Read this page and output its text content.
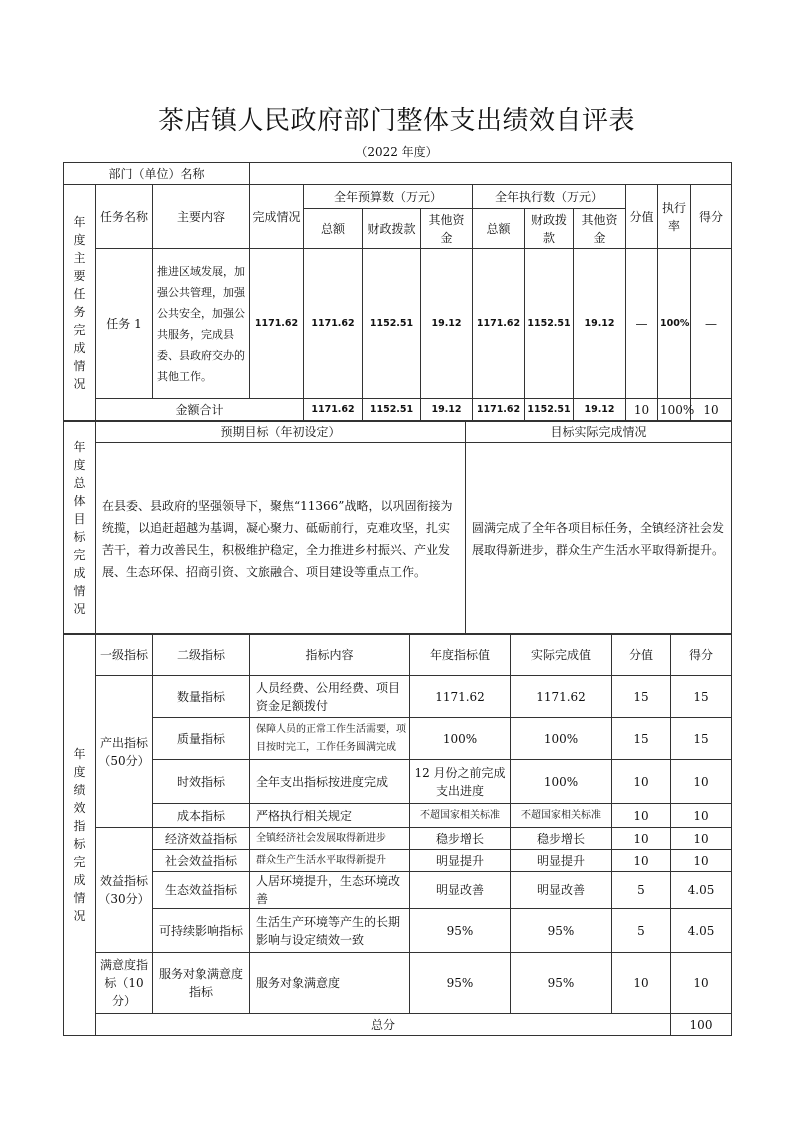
茶店镇人民政府部门整体支出绩效自评表
（2022 年度）
部门（单位）名称												

年度主要任务完成情况	任务名称	主要内容	完成情况	全年预算数（万元）			全年执行数（万元）			分值	执行率	得分
				总额	财政拨款	其他资金	总额	财政拨款	其他资金			
	任务 1	推进区域发展，加强公共管理，加强公共安全，加强公共服务，完成县委、县政府交办的其他工作。	1171.62	1171.62	1152.51	19.12	1171.62	1152.51	19.12	—	100%	—
	金额合计			1171.62	1152.51	19.12	1171.62	1152.51	19.12	10	100%	10
年度总体目标完成情况	预期目标（年初设定）	目标实际完成情况
	在县委、县政府的坚强领导下，聚焦“11366”战略，以巩固衔接为统揽，以追赶超越为基调，凝心聚力、砥砺前行，克难攻坚，扎实苦干，着力改善民生，积极维护稳定，全力推进乡村振兴、产业发展、生态环保、招商引资、文旅融合、项目建设等重点工作。	圆满完成了全年各项目标任务，全镇经济社会发展取得新进步，群众生产生活水平取得新提升。
年度绩效指标完成情况	一级指标	二级指标	指标内容	年度指标值	实际完成值	分值	得分	
	产出指标（50分）	数量指标	人员经费、公用经费、项目资金足额拨付	1171.62	1171.62	15	15	
		质量指标	保障人员的正常工作生活需要，项目按时完工，工作任务圆满完成	100%	100%	15	15	
		时效指标	全年支出指标按进度完成	12 月份之前完成支出进度	100%	10	10	
		成本指标	严格执行相关规定	不超国家相关标准	不超国家相关标准	10	10	
	效益指标（30分）	经济效益指标	全镇经济社会发展取得新进步	稳步增长	稳步增长	10	10	
		社会效益指标	群众生产生活水平取得新提升	明显提升	明显提升	10	10	
		生态效益指标	人居环境提升，生态环境改善	明显改善	明显改善	5	4.05	
		可持续影响指标	生活生产环境等产生的长期影响与设定绩效一致	95%	95%	5	4.05	
	满意度指标（10分）	服务对象满意度指标	服务对象满意度	95%	95%	10	10	
	总分						100	
